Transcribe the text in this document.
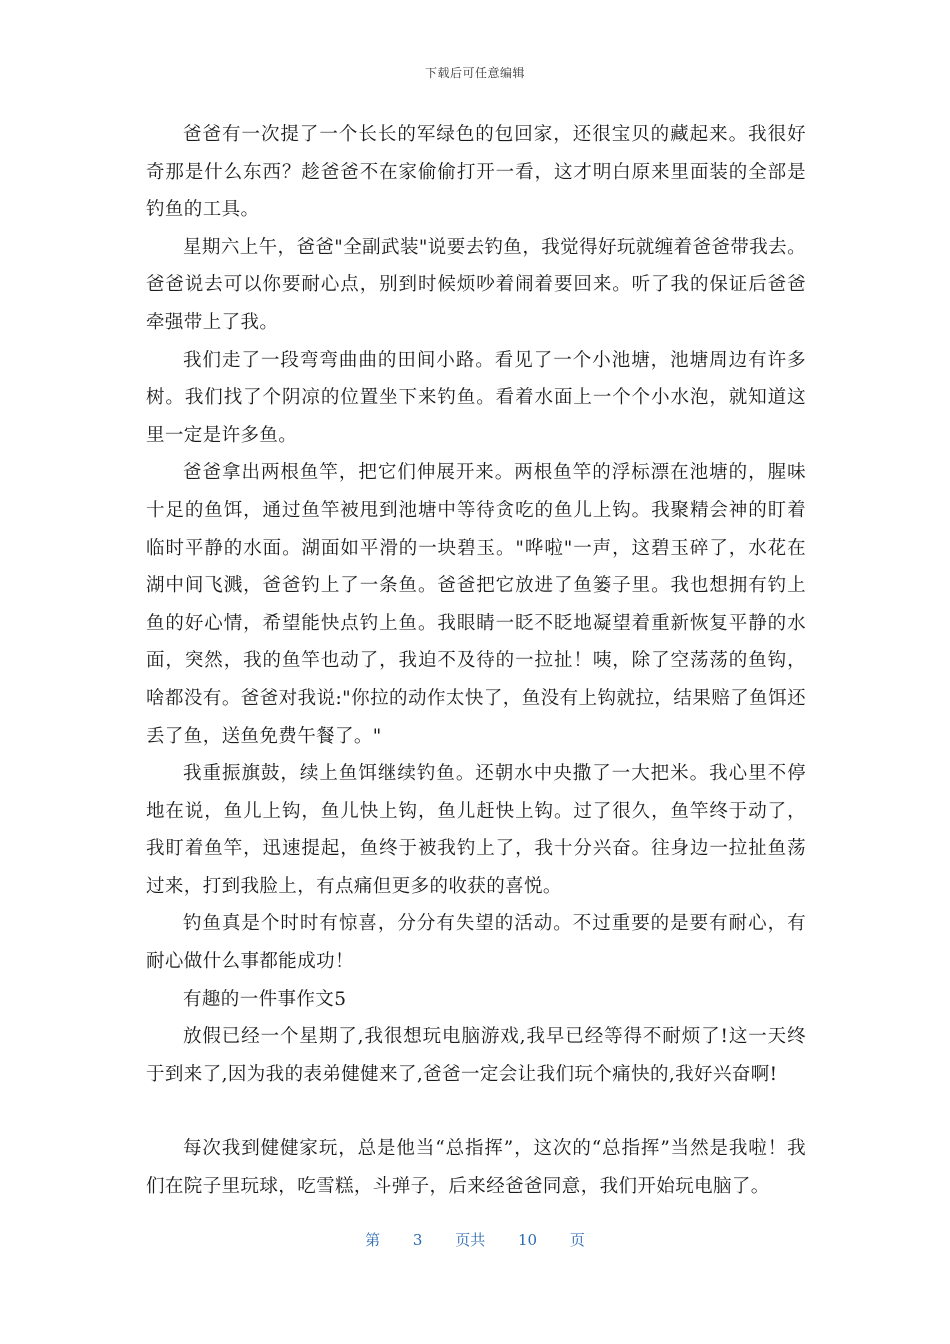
下载后可任意编辑

爸爸有一次提了一个长长的军绿色的包回家，还很宝贝的藏起来。我很好奇那是什么东西？趁爸爸不在家偷偷打开一看，这才明白原来里面装的全部是钓鱼的工具。

星期六上午，爸爸"全副武装"说要去钓鱼，我觉得好玩就缠着爸爸带我去。爸爸说去可以你要耐心点，别到时候烦吵着闹着要回来。听了我的保证后爸爸牵强带上了我。

我们走了一段弯弯曲曲的田间小路。看见了一个小池塘，池塘周边有许多树。我们找了个阴凉的位置坐下来钓鱼。看着水面上一个个小水泡，就知道这里一定是许多鱼。

爸爸拿出两根鱼竿，把它们伸展开来。两根鱼竿的浮标漂在池塘的，腥味十足的鱼饵，通过鱼竿被甩到池塘中等待贪吃的鱼儿上钩。我聚精会神的盯着临时平静的水面。湖面如平滑的一块碧玉。"哗啦"一声，这碧玉碎了，水花在湖中间飞溅，爸爸钓上了一条鱼。爸爸把它放进了鱼篓子里。我也想拥有钓上鱼的好心情，希望能快点钓上鱼。我眼睛一眨不眨地凝望着重新恢复平静的水面，突然，我的鱼竿也动了，我迫不及待的一拉扯！咦，除了空荡荡的鱼钩，啥都没有。爸爸对我说:"你拉的动作太快了，鱼没有上钩就拉，结果赔了鱼饵还丢了鱼，送鱼免费午餐了。"

我重振旗鼓，续上鱼饵继续钓鱼。还朝水中央撒了一大把米。我心里不停地在说，鱼儿上钩，鱼儿快上钩，鱼儿赶快上钩。过了很久，鱼竿终于动了，我盯着鱼竿，迅速提起，鱼终于被我钓上了，我十分兴奋。往身边一拉扯鱼荡过来，打到我脸上，有点痛但更多的收获的喜悦。

钓鱼真是个时时有惊喜，分分有失望的活动。不过重要的是要有耐心，有耐心做什么事都能成功！

有趣的一件事作文5

放假已经一个星期了,我很想玩电脑游戏,我早已经等得不耐烦了!这一天终于到来了,因为我的表弟健健来了,爸爸一定会让我们玩个痛快的,我好兴奋啊!

每次我到健健家玩，总是他当“总指挥”，这次的“总指挥”当然是我啦！我们在院子里玩球，吃雪糕，斗弹子，后来经爸爸同意，我们开始玩电脑了。

第 3 页共 10 页
